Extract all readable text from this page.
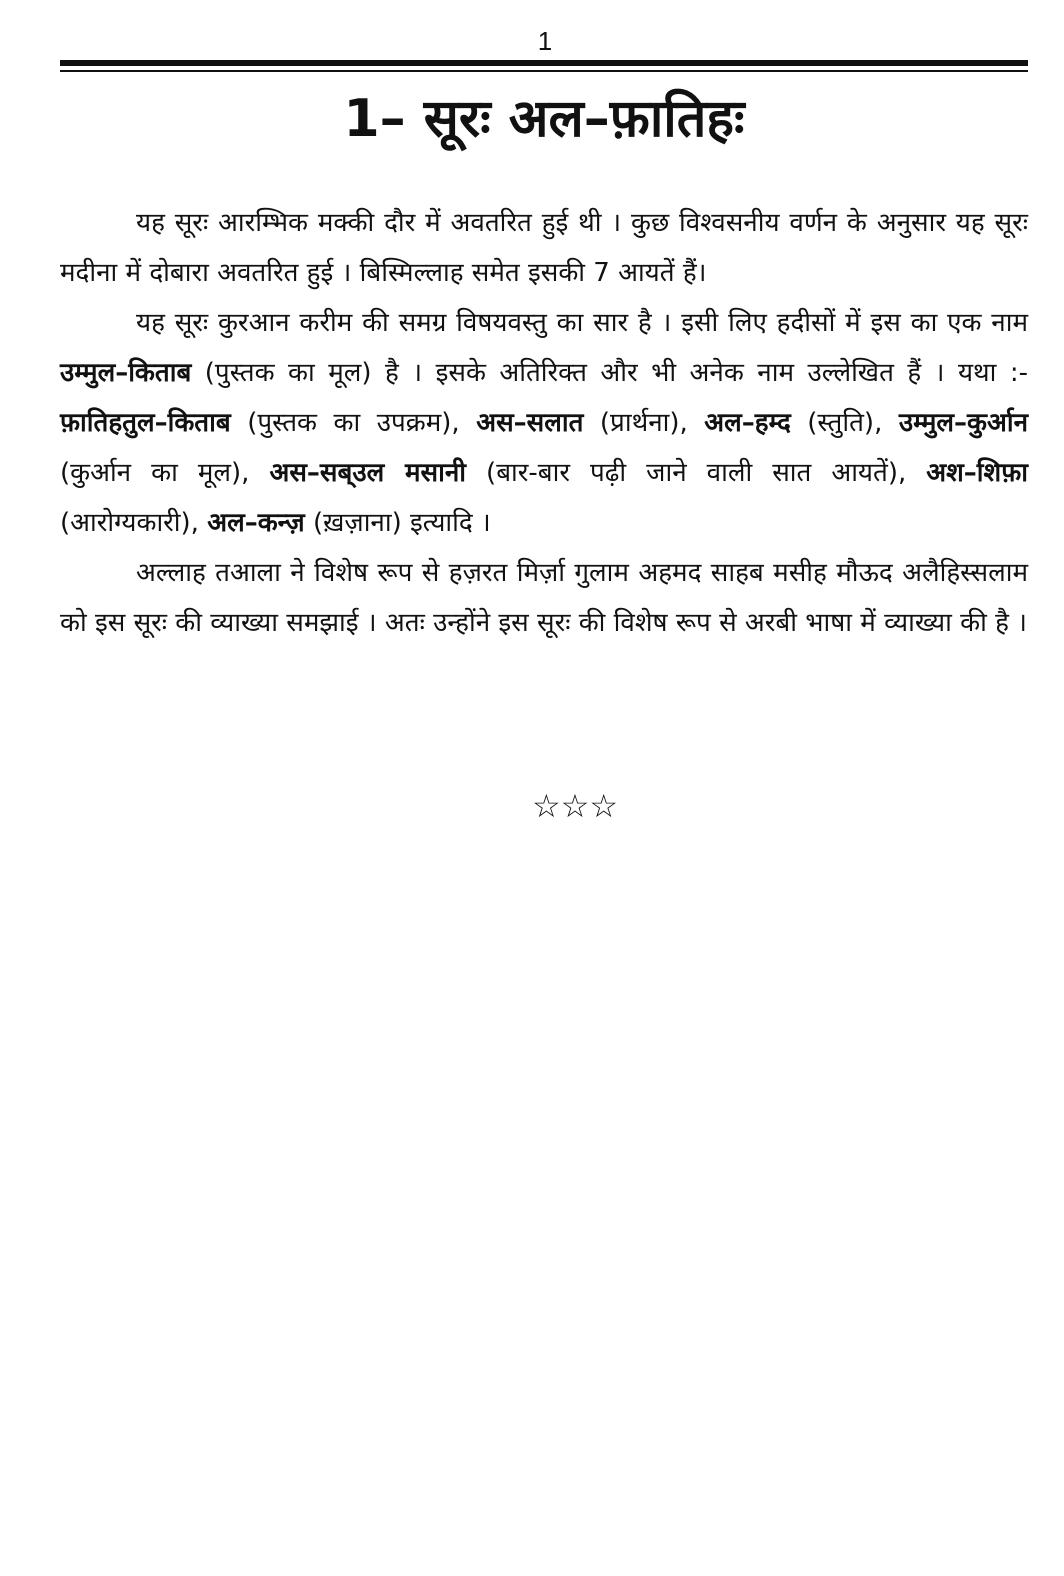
1
1– सूरः अल–फ़ातिहः

यह सूरः आरम्भिक मक्की दौर में अवतरित हुई थी । कुछ विश्वसनीय वर्णन के अनुसार यह सूरः मदीना में दोबारा अवतरित हुई । बिस्मिल्लाह समेत इसकी 7 आयतें हैं।

यह सूरः कुरआन करीम की समग्र विषयवस्तु का सार है । इसी लिए हदीसों में इस का एक नाम उम्मुल–किताब (पुस्तक का मूल) है । इसके अतिरिक्त और भी अनेक नाम उल्लेखित हैं । यथा :- फ़ातिहतुल–किताब (पुस्तक का उपक्रम), अस–सलात (प्रार्थना), अल–हम्द (स्तुति), उम्मुल–कुर्आन (कुर्आन का मूल), अस–सब्उल मसानी (बार-बार पढ़ी जाने वाली सात आयतें), अश–शिफ़ा (आरोग्यकारी), अल–कन्ज़ (ख़ज़ाना) इत्यादि ।

अल्लाह तआला ने विशेष रूप से हज़रत मिर्ज़ा गुलाम अहमद साहब मसीह मौऊद अलैहिस्सलाम को इस सूरः की व्याख्या समझाई । अतः उन्होंने इस सूरः की विशेष रूप से अरबी भाषा में व्याख्या की है ।

☆☆☆
